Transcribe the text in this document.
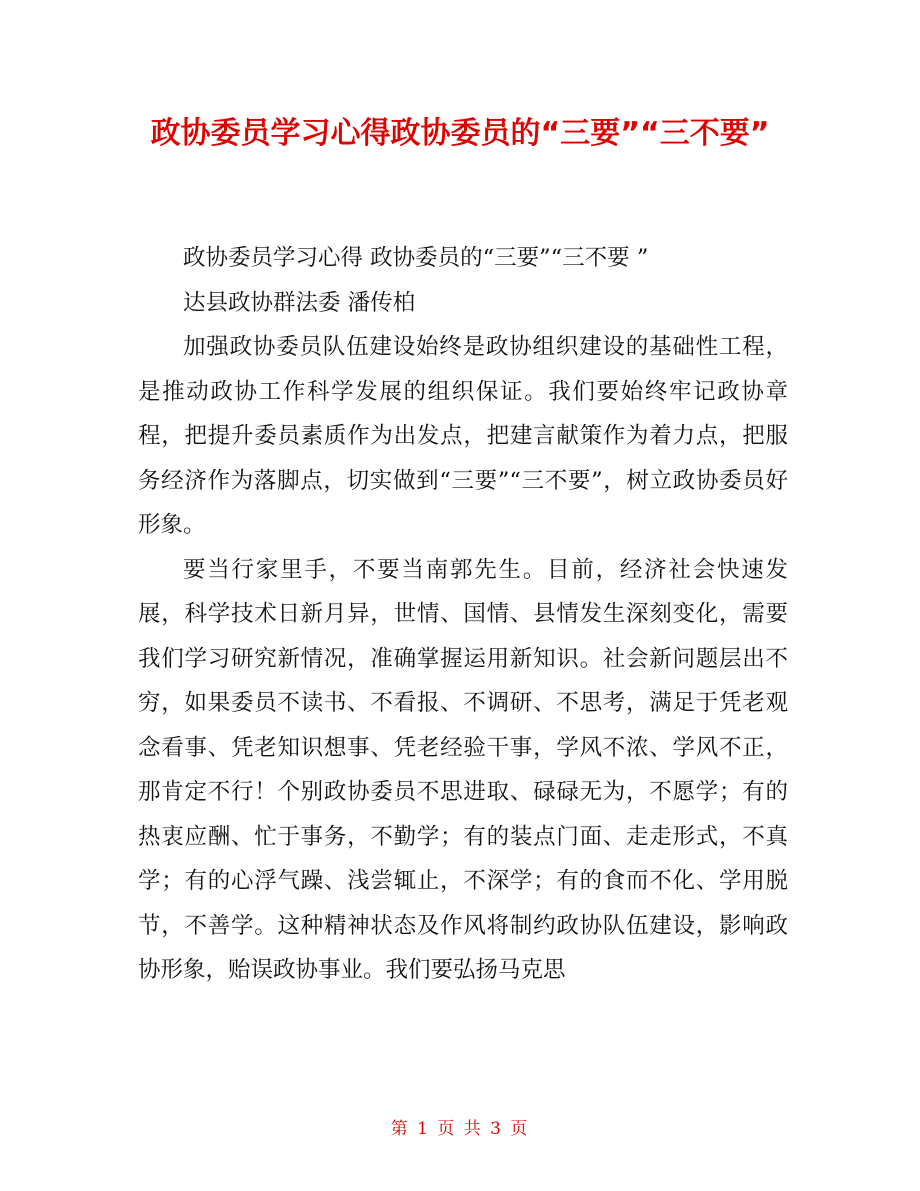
政协委员学习心得政协委员的“三要”“三不要”

政协委员学习心得 政协委员的“三要”“三不要 ”

达县政协群法委 潘传柏

加强政协委员队伍建设始终是政协组织建设的基础性工程，是推动政协工作科学发展的组织保证。我们要始终牢记政协章程，把提升委员素质作为出发点，把建言献策作为着力点，把服务经济作为落脚点，切实做到“三要”“三不要”，树立政协委员好形象。

要当行家里手，不要当南郭先生。目前，经济社会快速发展，科学技术日新月异，世情、国情、县情发生深刻变化，需要我们学习研究新情况，准确掌握运用新知识。社会新问题层出不穷，如果委员不读书、不看报、不调研、不思考，满足于凭老观念看事、凭老知识想事、凭老经验干事，学风不浓、学风不正，那肯定不行！个别政协委员不思进取、碌碌无为，不愿学；有的热衷应酬、忙于事务，不勤学；有的装点门面、走走形式，不真学；有的心浮气躁、浅尝辄止，不深学；有的食而不化、学用脱节，不善学。这种精神状态及作风将制约政协队伍建设，影响政协形象，贻误政协事业。我们要弘扬马克思

第 1 页 共 3 页
